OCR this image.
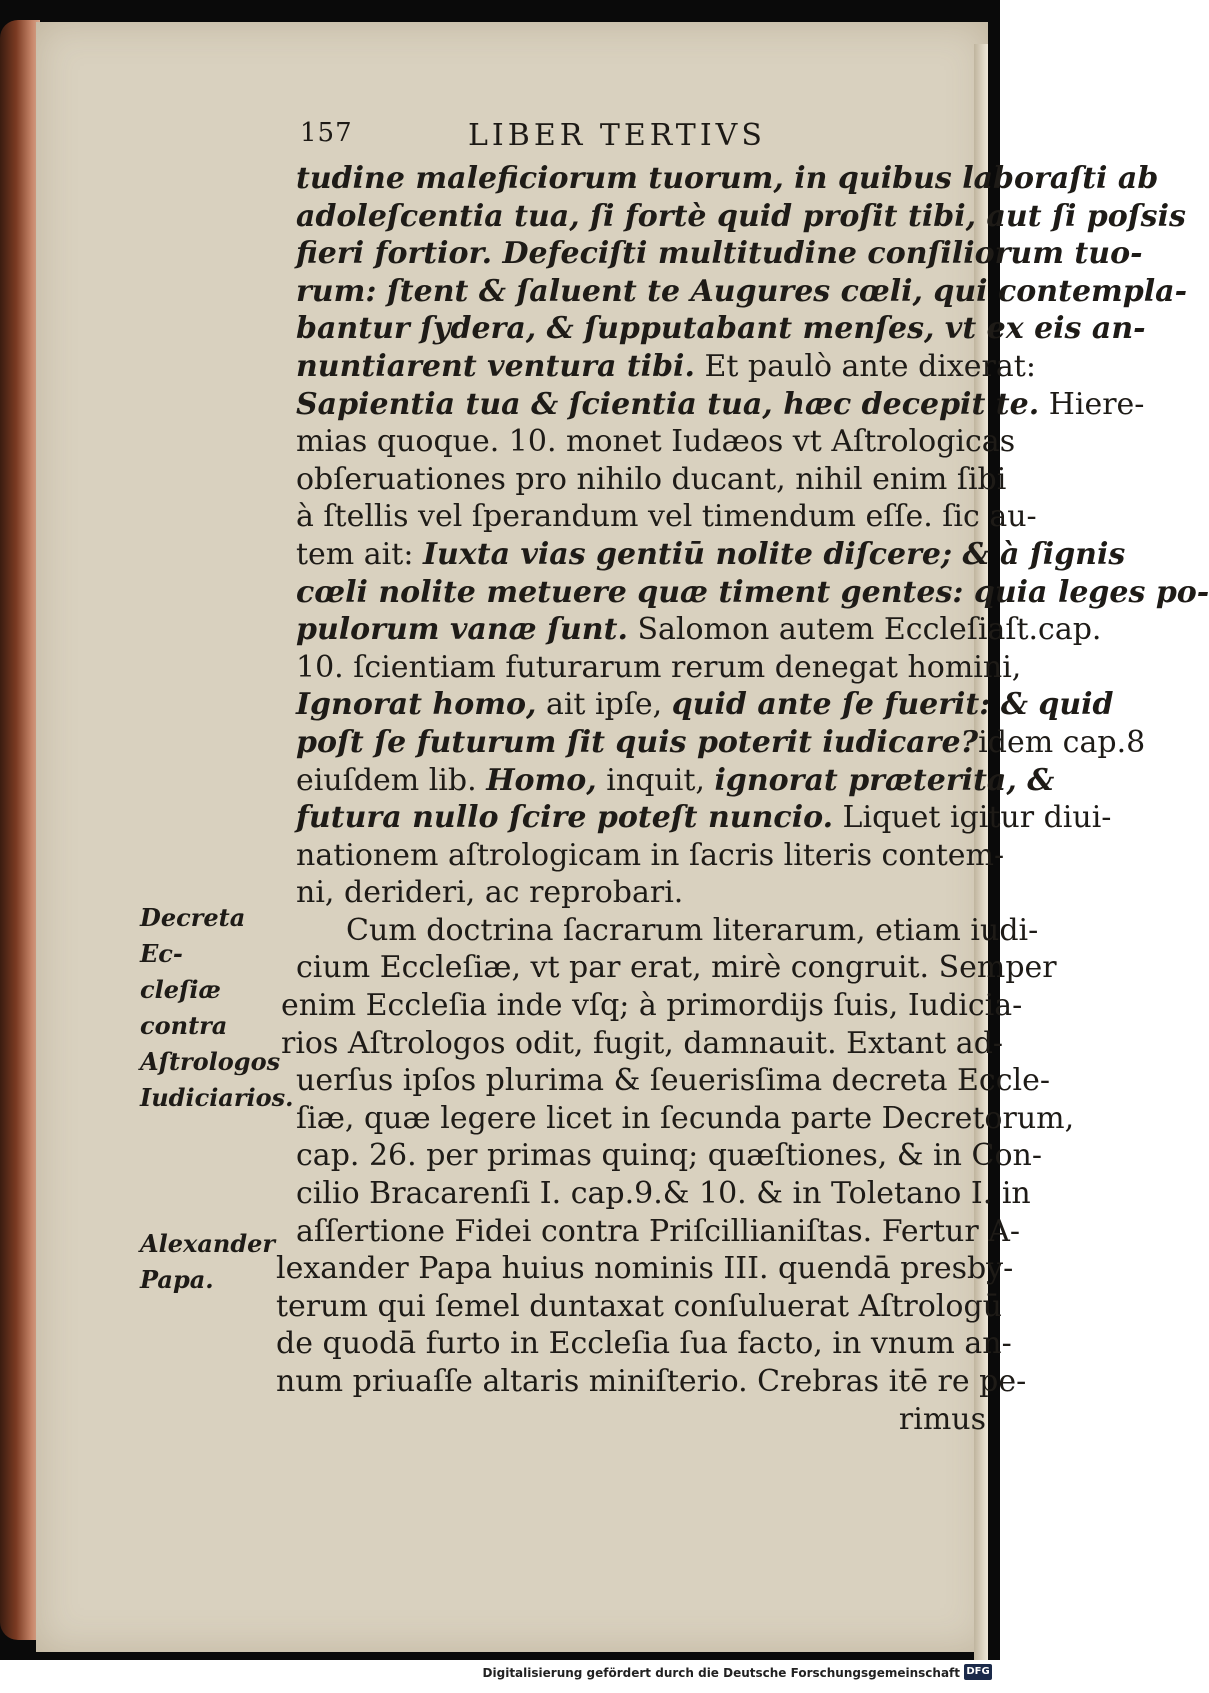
157	LIBER TERTIVS
tudine maleficiorum tuorum, in quibus laboraſti ab
adoleſcentia tua, ſi fortè quid proſit tibi, aut ſi poſsis
fieri fortior. Defeciſti multitudine conſiliorum tuo-
rum: ſtent & ſaluent te Augures cœli, qui contempla-
bantur ſydera, & ſupputabant menſes, vt ex eis an-
nuntiarent ventura tibi. Et paulò ante dixerat:
Sapientia tua & ſcientia tua, hæc decepit te. Hiere-
mias quoque. 10. monet Iudæos vt Aſtrologicas
obſeruationes pro nihilo ducant, nihil enim ſibi
à ſtellis vel ſperandum vel timendum eſſe. ſic au-
tem ait: Iuxta vias gentiū nolite diſcere; & à ſignis
cœli nolite metuere quæ timent gentes: quia leges po-
pulorum vanæ ſunt. Salomon autem Eccleſiaſt.cap.
10. ſcientiam futurarum rerum denegat homini,
Ignorat homo, ait ipſe, quid ante ſe fuerit: & quid
poſt ſe futurum ſit quis poterit iudicare?idem cap.8
eiuſdem lib. Homo, inquit, ignorat præterita, &
futura nullo ſcire poteſt nuncio. Liquet igitur diui-
nationem aſtrologicam in ſacris literis contem-
ni, derideri, ac reprobari.
Cum doctrina ſacrarum literarum, etiam iudi-
cium Eccleſiæ, vt par erat, mirè congruit. Semper
enim Eccleſia inde vſq; à primordijs ſuis, Iudicia-
rios Aſtrologos odit, fugit, damnauit. Extant ad-
uerſus ipſos plurima & ſeuerisſima decreta Eccle-
ſiæ, quæ legere licet in ſecunda parte Decretorum,
cap. 26. per primas quinq; quæſtiones, & in Con-
cilio Bracarenſi I. cap.9.& 10. & in Toletano I. in
aſſertione Fidei contra Priſcillianiſtas. Fertur A-
lexander Papa huius nominis III. quendā presby-
terum qui ſemel duntaxat conſuluerat Aſtrologū
de quodā furto in Eccleſia ſua facto, in vnum an-
num priuaſſe altaris miniſterio. Crebras itē re pe-
rimus
Decreta Ec-
cleſiæ contra
Aſtrologos
Iudiciarios.
Alexander
Papa.
Digitalisierung gefördert durch die Deutsche Forschungsgemeinschaft DFG
